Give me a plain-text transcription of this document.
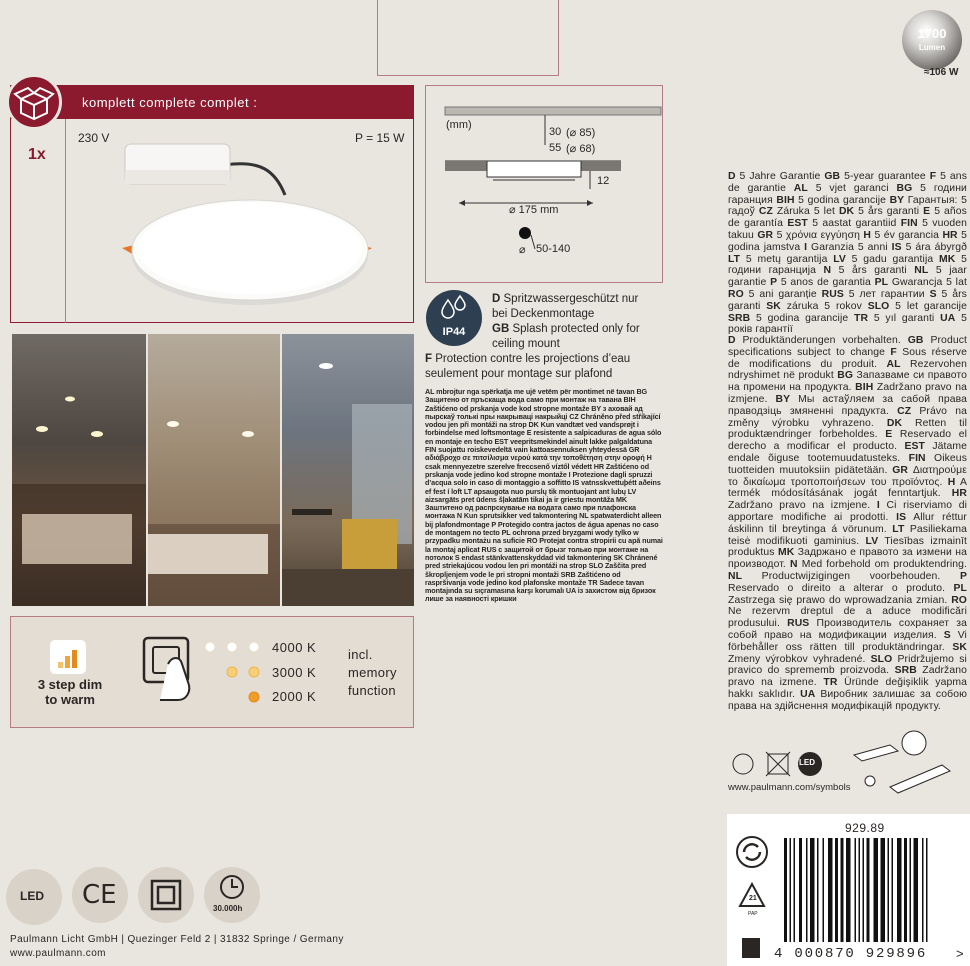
1700
Lumen
≈106 W
komplett complete complet :
1x
230 V	P = 15 W
(mm)
30 (⌀ 85)
55 (⌀ 68)
12
⌀ 175 mm
⌀ 50-140
IP44
D Spritzwassergeschützt nur
bei Deckenmontage
GB Splash protected only for
ceiling mount
F Protection contre les projections d’eau
seulement pour montage sur plafond
AL mbrojtur nga spërkatja me ujë vetëm për montimet në tavan BG Защитено от пръскаща вода само при монтаж на тавана BIH Zaštićeno od prskanja vode kod stropne montaže BY з аховай ад пырскаў толькі пры накрываці накрыйці CZ Chráněno před stříkající vodou jen při montáži na strop DK Kun vandtæt ved vandsprøjt i forbindelse med loftsmontage E resistente a salpicaduras de agua sólo en montaje en techo EST veepritsmekindel ainult lakke palgaldatuna FIN suojattu roiskevedeltä vain kattoasennuksen yhteydessä GR αδιάβροχο σε πιτσίλισμα νερού κατά την τοποθέτηση στην οροφή H csak mennyezetre szerelve freccsenő víztől védett HR Zaštićeno od prskanja vode jedino kod stropne montaže I Protezione dagli spruzzi d’acqua solo in caso di montaggio a soffitto IS vatnsskvettuþétt aðeins ef fest í loft LT apsaugota nuo purslų tik montuojant ant lubų LV aizsargāts pret ūdens šļakatām tikai ja ir griestu montāža MK Заштитено од распрскување на водата само при плафонска монтажа N Kun sprutsikker ved takmontering NL spatwaterdicht alleen bij plafondmontage P Protegido contra jactos de água apenas no caso de montagem no tecto PL ochrona przed bryzgami wody tylko w przypadku montażu na suficie RO Protejat contra stropirii cu apă numai la montaj aplicat RUS с защитой от брызг только при монтаже на потолок S endast stänkvattenskyddad vid takmontering SK Chránené pred striekajúcou vodou len pri montáži na strop SLO Zaščita pred škropljenjem vode le pri stropni montaži SRB Zaštićeno od raspršivanja vode jedino kod plafonske montaže TR Sadece tavan montajında su sıçramasına karşı korumalı UA із захистом від бризок лише за наявності кришки
3 step dim
to warm
4000 K
3000 K
2000 K
incl.
memory
function
D 5 Jahre Garantie GB 5-year guarantee F 5 ans de garantie AL 5 vjet garanci BG 5 години гаранция BIH 5 godina garancije BY Гарантыя: 5 гадоў CZ Záruka 5 let DK 5 års garanti E 5 años de garantía EST 5 aastat garantiid FIN 5 vuoden takuu GR 5 χρόνια εγγύηση H 5 év garancia HR 5 godina jamstva I Garanzia 5 anni IS 5 ára ábyrgð LT 5 metų garantija LV 5 gadu garantija MK 5 години гаранција N 5 års garanti NL 5 jaar garantie P 5 anos de garantia PL Gwarancja 5 lat RO 5 ani garanție RUS 5 лет гарантии S 5 års garanti SK záruka 5 rokov SLO 5 let garancije SRB 5 godina garancije TR 5 yıl garanti UA 5 років гарантії
D Produktänderungen vorbehalten. GB Product specifications subject to change F Sous réserve de modifications du produit. AL Rezervohen ndryshimet në produkt BG Запазваме си правото на промени на продукта. BIH Zadržano pravo na izmjene. BY Мы астаўляем за сабой права праводзіць змяненні прадукта. CZ Právo na změny výrobku vyhrazeno. DK Retten til produktændringer forbeholdes. E Reservado el derecho a modificar el producto. EST Jätame endale õiguse tootemuudatusteks. FIN Oikeus tuotteiden muutoksiin pidätetään. GR Διατηρούμε το δικαίωμα τροποποιήσεων του προϊόντος. H A termék módosításának jogát fenntartjuk. HR Zadržano pravo na izmjene. I Ci riserviamo di apportare modifiche ai prodotti. IS Allur réttur áskilinn til breytinga á vörunum. LT Pasiliekama teisė modifikuoti gaminius. LV Tiesības izmainīt produktus MK Задржано е правото за измени на производот. N Med forbehold om produktendring. NL Productwijzigingen voorbehouden. P Reservado o direito a alterar o produto. PL Zastrzega się prawo do wprowadzania zmian. RO Ne rezervm dreptul de a aduce modificări produsului. RUS Производитель сохраняет за собой право на модификации изделия. S Vi förbehåller oss rätten till produktändringar. SK Zmeny výrobkov vyhradené. SLO Pridržujemo si pravico do sprememb proizvoda. SRB Zadržano pravo na izmene. TR Üründe değişiklik yapma hakkı saklıdır. UA Виробник залишає за собою права на здійснення модифікацій продукту.
LED
www.paulmann.com/symbols
LED CE	30.000h
Paulmann Licht GmbH | Quezinger Feld 2 | 31832 Springe / Germany
www.paulmann.com
929.89
21
PAP
4 000870 929896 >
